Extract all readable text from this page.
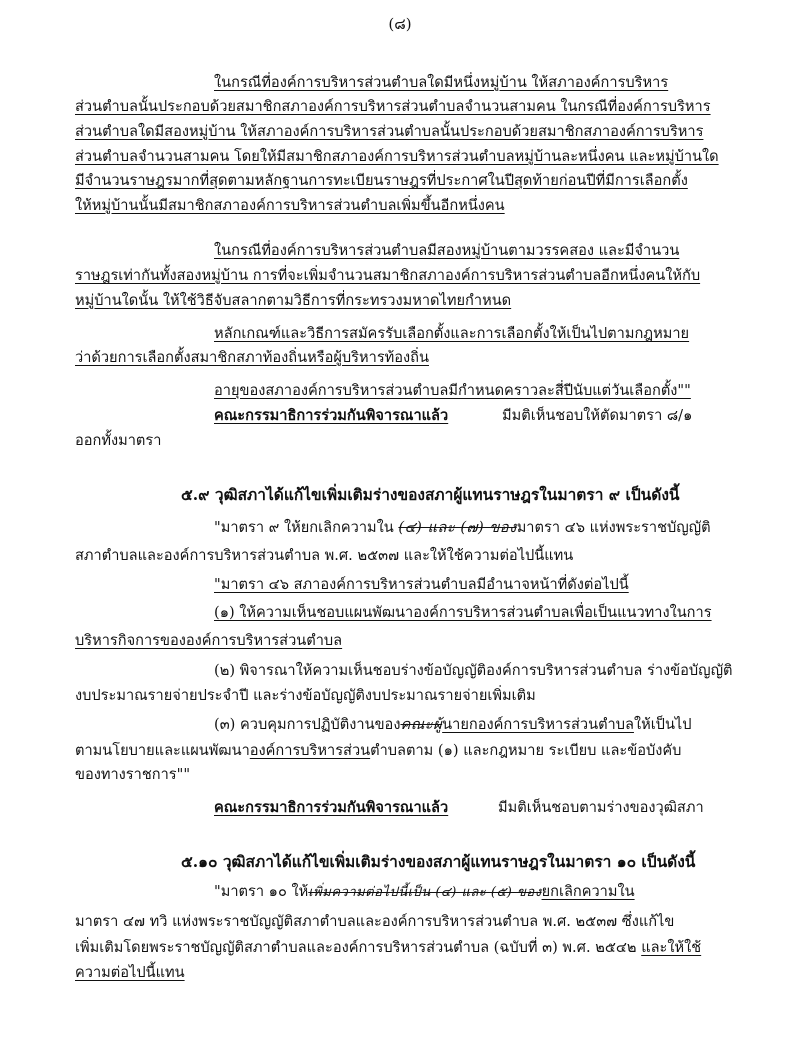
(๘)
ในกรณีที่องค์การบริหารส่วนตำบลใดมีหนึ่งหมู่บ้าน ให้สภาองค์การบริหาร
ส่วนตำบลนั้นประกอบด้วยสมาชิกสภาองค์การบริหารส่วนตำบลจำนวนสามคน ในกรณีที่องค์การบริหาร
ส่วนตำบลใดมีสองหมู่บ้าน ให้สภาองค์การบริหารส่วนตำบลนั้นประกอบด้วยสมาชิกสภาองค์การบริหาร
ส่วนตำบลจำนวนสามคน โดยให้มีสมาชิกสภาองค์การบริหารส่วนตำบลหมู่บ้านละหนึ่งคน และหมู่บ้านใด
มีจำนวนราษฎรมากที่สุดตามหลักฐานการทะเบียนราษฎรที่ประกาศในปีสุดท้ายก่อนปีที่มีการเลือกตั้ง
ให้หมู่บ้านนั้นมีสมาชิกสภาองค์การบริหารส่วนตำบลเพิ่มขึ้นอีกหนึ่งคน
ในกรณีที่องค์การบริหารส่วนตำบลมีสองหมู่บ้านตามวรรคสอง และมีจำนวน
ราษฎรเท่ากันทั้งสองหมู่บ้าน การที่จะเพิ่มจำนวนสมาชิกสภาองค์การบริหารส่วนตำบลอีกหนึ่งคนให้กับ
หมู่บ้านใดนั้น ให้ใช้วิธีจับสลากตามวิธีการที่กระทรวงมหาดไทยกำหนด
หลักเกณฑ์และวิธีการสมัครรับเลือกตั้งและการเลือกตั้งให้เป็นไปตามกฎหมาย
ว่าด้วยการเลือกตั้งสมาชิกสภาท้องถิ่นหรือผู้บริหารท้องถิ่น
อายุของสภาองค์การบริหารส่วนตำบลมีกำหนดคราวละสี่ปีนับแต่วันเลือกตั้ง""
คณะกรรมาธิการร่วมกันพิจารณาแล้ว	มีมติเห็นชอบให้ตัดมาตรา ๘/๑
ออกทั้งมาตรา
๕.๙ วุฒิสภาได้แก้ไขเพิ่มเติมร่างของสภาผู้แทนราษฎรในมาตรา ๙ เป็นดังนี้
"มาตรา ๙ ให้ยกเลิกความใน (๔) และ (๗) ของมาตรา ๔๖ แห่งพระราชบัญญัติ
สภาตำบลและองค์การบริหารส่วนตำบล พ.ศ. ๒๕๓๗ และให้ใช้ความต่อไปนี้แทน
"มาตรา ๔๖ สภาองค์การบริหารส่วนตำบลมีอำนาจหน้าที่ดังต่อไปนี้
(๑) ให้ความเห็นชอบแผนพัฒนาองค์การบริหารส่วนตำบลเพื่อเป็นแนวทางในการ
บริหารกิจการขององค์การบริหารส่วนตำบล
(๒) พิจารณาให้ความเห็นชอบร่างข้อบัญญัติองค์การบริหารส่วนตำบล ร่างข้อบัญญัติ
งบประมาณรายจ่ายประจำปี และร่างข้อบัญญัติงบประมาณรายจ่ายเพิ่มเติม
(๓) ควบคุมการปฏิบัติงานของคณะผู้นายกองค์การบริหารส่วนตำบลให้เป็นไป
ตามนโยบายและแผนพัฒนาองค์การบริหารส่วนตำบลตาม (๑) และกฎหมาย ระเบียบ และข้อบังคับ
ของทางราชการ""
คณะกรรมาธิการร่วมกันพิจารณาแล้ว	มีมติเห็นชอบตามร่างของวุฒิสภา
๕.๑๐ วุฒิสภาได้แก้ไขเพิ่มเติมร่างของสภาผู้แทนราษฎรในมาตรา ๑๐ เป็นดังนี้
"มาตรา ๑๐ ให้เพิ่มความต่อไปนี้เป็น (๔) และ (๕) ของยกเลิกความใน
มาตรา ๔๗ ทวิ แห่งพระราชบัญญัติสภาตำบลและองค์การบริหารส่วนตำบล พ.ศ. ๒๕๓๗ ซึ่งแก้ไข
เพิ่มเติมโดยพระราชบัญญัติสภาตำบลและองค์การบริหารส่วนตำบล (ฉบับที่ ๓) พ.ศ. ๒๕๔๒ และให้ใช้
ความต่อไปนี้แทน
